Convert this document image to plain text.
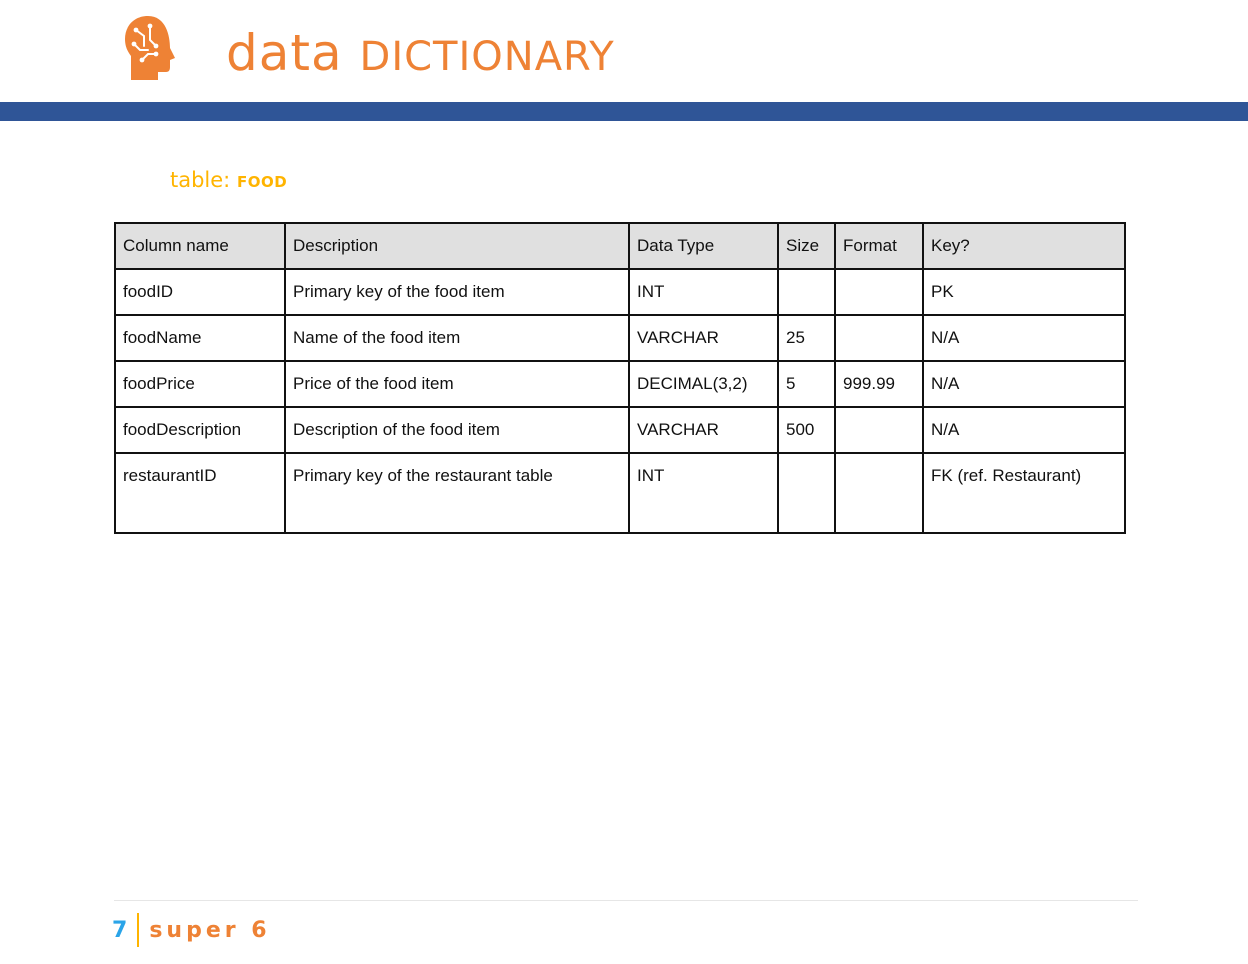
data DICTIONARY
table: FOOD
Column name	Description	Data Type	Size	Format	Key?
foodID	Primary key of the food item	INT			PK
foodName	Name of the food item	VARCHAR	25		N/A
foodPrice	Price of the food item	DECIMAL(3,2)	5	999.99	N/A
foodDescription	Description of the food item	VARCHAR	500		N/A
restaurantID	Primary key of the restaurant table	INT			FK (ref. Restaurant)
7 super 6
